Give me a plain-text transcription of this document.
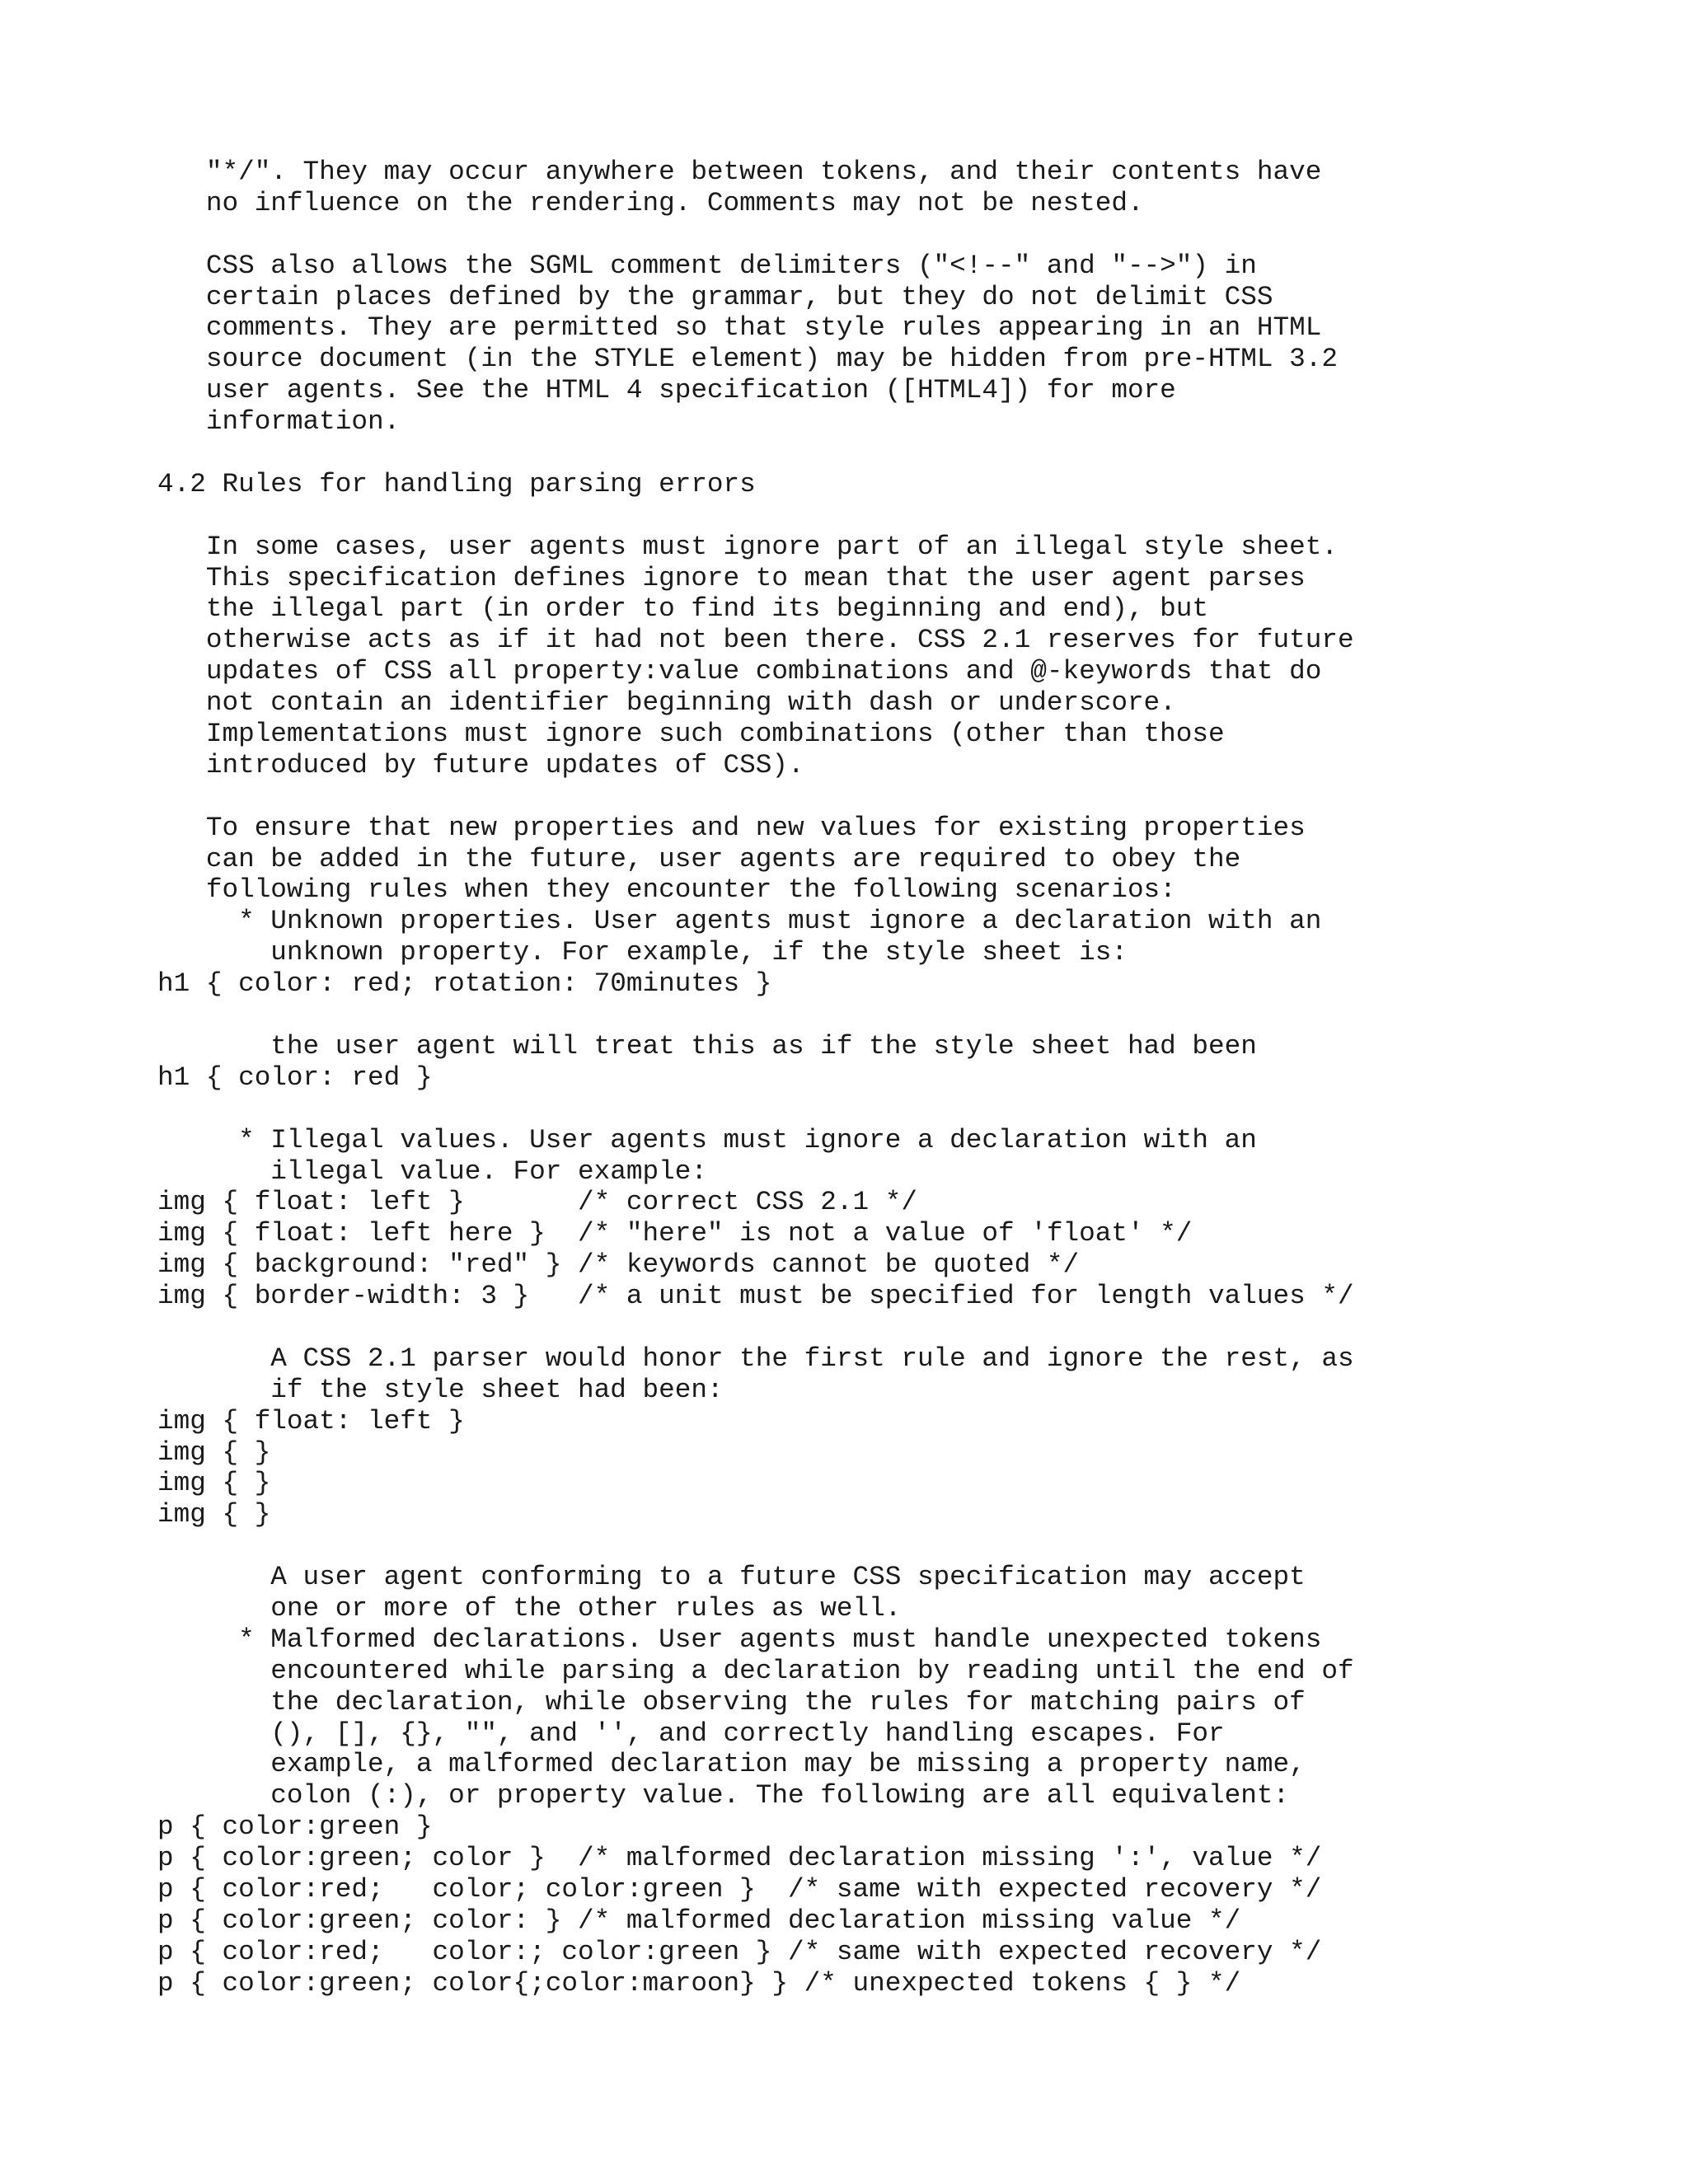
"*/". They may occur anywhere between tokens, and their contents have
no influence on the rendering. Comments may not be nested.
CSS also allows the SGML comment delimiters ("<!--" and "-->") in
certain places defined by the grammar, but they do not delimit CSS
comments. They are permitted so that style rules appearing in an HTML
source document (in the STYLE element) may be hidden from pre-HTML 3.2
user agents. See the HTML 4 specification ([HTML4]) for more
information.
4.2 Rules for handling parsing errors
In some cases, user agents must ignore part of an illegal style sheet.
This specification defines ignore to mean that the user agent parses
the illegal part (in order to find its beginning and end), but
otherwise acts as if it had not been there. CSS 2.1 reserves for future
updates of CSS all property:value combinations and @-keywords that do
not contain an identifier beginning with dash or underscore.
Implementations must ignore such combinations (other than those
introduced by future updates of CSS).
To ensure that new properties and new values for existing properties
can be added in the future, user agents are required to obey the
following rules when they encounter the following scenarios:
* Unknown properties. User agents must ignore a declaration with an
unknown property. For example, if the style sheet is:
h1 { color: red; rotation: 70minutes }
the user agent will treat this as if the style sheet had been
h1 { color: red }
* Illegal values. User agents must ignore a declaration with an
illegal value. For example:
img { float: left }       /* correct CSS 2.1 */
img { float: left here }  /* "here" is not a value of 'float' */
img { background: "red" } /* keywords cannot be quoted */
img { border-width: 3 }   /* a unit must be specified for length values */
A CSS 2.1 parser would honor the first rule and ignore the rest, as
if the style sheet had been:
img { float: left }
img { }
img { }
img { }
A user agent conforming to a future CSS specification may accept
one or more of the other rules as well.
* Malformed declarations. User agents must handle unexpected tokens
encountered while parsing a declaration by reading until the end of
the declaration, while observing the rules for matching pairs of
(), [], {}, "", and '', and correctly handling escapes. For
example, a malformed declaration may be missing a property name,
colon (:), or property value. The following are all equivalent:
p { color:green }
p { color:green; color }  /* malformed declaration missing ':', value */
p { color:red;   color; color:green }  /* same with expected recovery */
p { color:green; color: } /* malformed declaration missing value */
p { color:red;   color:; color:green } /* same with expected recovery */
p { color:green; color{;color:maroon} } /* unexpected tokens { } */
